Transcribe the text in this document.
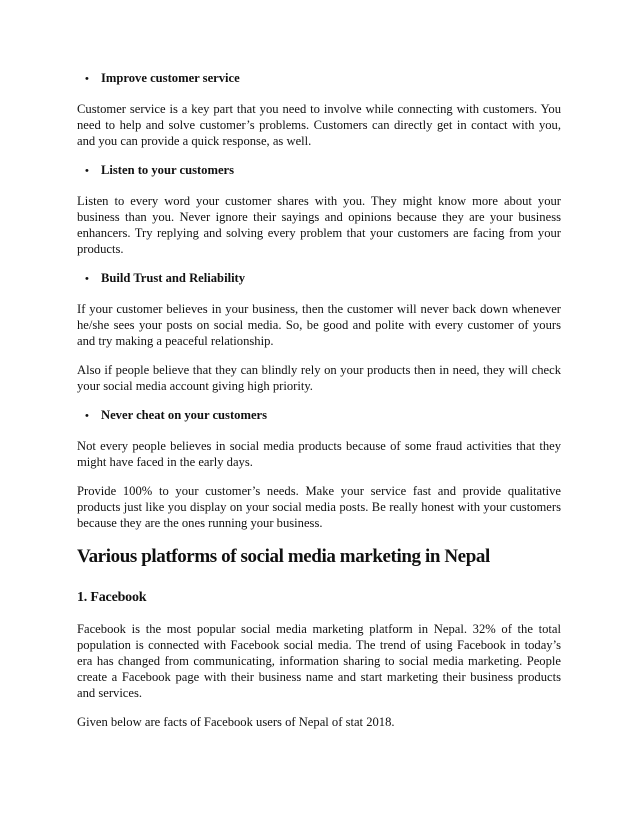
• Improve customer service

Customer service is a key part that you need to involve while connecting with customers. You need to help and solve customer’s problems. Customers can directly get in contact with you, and you can provide a quick response, as well.

• Listen to your customers

Listen to every word your customer shares with you. They might know more about your business than you. Never ignore their sayings and opinions because they are your business enhancers. Try replying and solving every problem that your customers are facing from your products.

• Build Trust and Reliability

If your customer believes in your business, then the customer will never back down whenever he/she sees your posts on social media. So, be good and polite with every customer of yours and try making a peaceful relationship.

Also if people believe that they can blindly rely on your products then in need, they will check your social media account giving high priority.

• Never cheat on your customers

Not every people believes in social media products because of some fraud activities that they might have faced in the early days.

Provide 100% to your customer’s needs. Make your service fast and provide qualitative products just like you display on your social media posts. Be really honest with your customers because they are the ones running your business.

Various platforms of social media marketing in Nepal
1. Facebook

Facebook is the most popular social media marketing platform in Nepal. 32% of the total population is connected with Facebook social media. The trend of using Facebook in today’s era has changed from communicating, information sharing to social media marketing. People create a Facebook page with their business name and start marketing their business products and services.

Given below are facts of Facebook users of Nepal of stat 2018.
